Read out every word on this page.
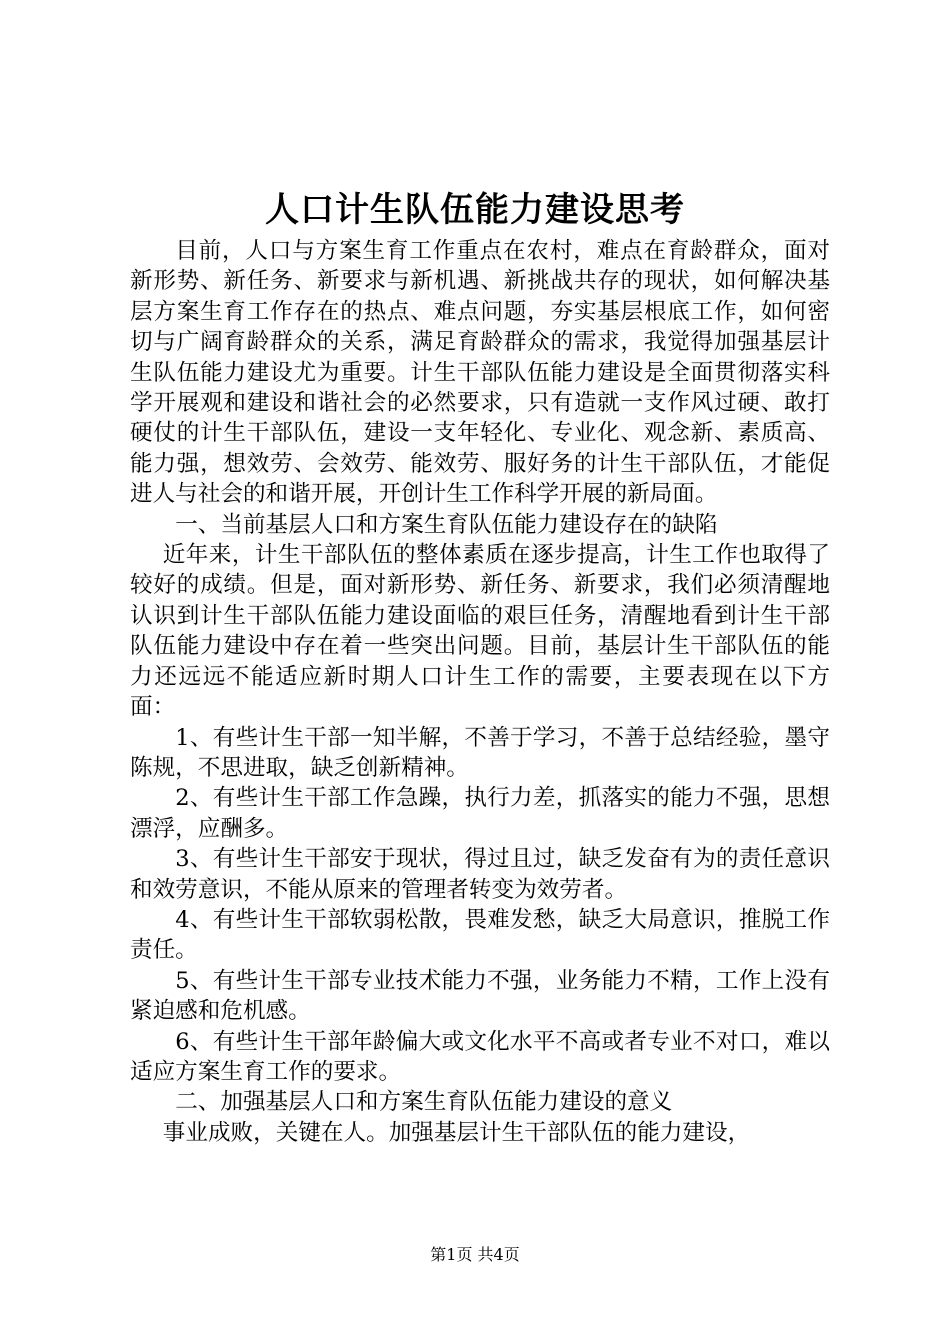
人口计生队伍能力建设思考

目前，人口与方案生育工作重点在农村，难点在育龄群众，面对新形势、新任务、新要求与新机遇、新挑战共存的现状，如何解决基层方案生育工作存在的热点、难点问题，夯实基层根底工作，如何密切与广阔育龄群众的关系，满足育龄群众的需求，我觉得加强基层计生队伍能力建设尤为重要。计生干部队伍能力建设是全面贯彻落实科学开展观和建设和谐社会的必然要求，只有造就一支作风过硬、敢打硬仗的计生干部队伍，建设一支年轻化、专业化、观念新、素质高、能力强，想效劳、会效劳、能效劳、服好务的计生干部队伍，才能促进人与社会的和谐开展，开创计生工作科学开展的新局面。

一、当前基层人口和方案生育队伍能力建设存在的缺陷

近年来，计生干部队伍的整体素质在逐步提高，计生工作也取得了较好的成绩。但是，面对新形势、新任务、新要求，我们必须清醒地认识到计生干部队伍能力建设面临的艰巨任务，清醒地看到计生干部队伍能力建设中存在着一些突出问题。目前，基层计生干部队伍的能力还远远不能适应新时期人口计生工作的需要，主要表现在以下方面：

1、有些计生干部一知半解，不善于学习，不善于总结经验，墨守陈规，不思进取，缺乏创新精神。

2、有些计生干部工作急躁，执行力差，抓落实的能力不强，思想漂浮，应酬多。

3、有些计生干部安于现状，得过且过，缺乏发奋有为的责任意识和效劳意识，不能从原来的管理者转变为效劳者。

4、有些计生干部软弱松散，畏难发愁，缺乏大局意识，推脱工作责任。

5、有些计生干部专业技术能力不强，业务能力不精，工作上没有紧迫感和危机感。

6、有些计生干部年龄偏大或文化水平不高或者专业不对口，难以适应方案生育工作的要求。

二、加强基层人口和方案生育队伍能力建设的意义

事业成败，关键在人。加强基层计生干部队伍的能力建设，

第1页 共4页
